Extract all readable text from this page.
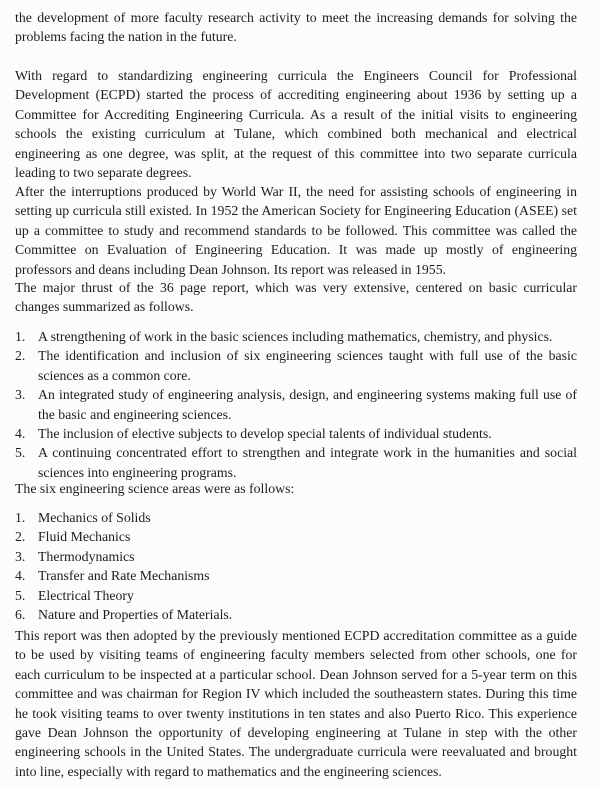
the development of more faculty research activity to meet the increasing demands for solving the problems facing the nation in the future.

With regard to standardizing engineering curricula the Engineers Council for Professional Development (ECPD) started the process of accrediting engineering about 1936 by setting up a Committee for Accrediting Engineering Curricula. As a result of the initial visits to engineering schools the existing curriculum at Tulane, which combined both mechanical and electrical engineering as one degree, was split, at the request of this committee into two separate curricula leading to two separate degrees.

After the interruptions produced by World War II, the need for assisting schools of engineering in setting up curricula still existed. In 1952 the American Society for Engineering Education (ASEE) set up a committee to study and recommend standards to be followed. This committee was called the Committee on Evaluation of Engineering Education. It was made up mostly of engineering professors and deans including Dean Johnson. Its report was released in 1955.

The major thrust of the 36 page report, which was very extensive, centered on basic curricular changes summarized as follows.

1. A strengthening of work in the basic sciences including mathematics, chemistry, and physics.
2. The identification and inclusion of six engineering sciences taught with full use of the basic sciences as a common core.
3. An integrated study of engineering analysis, design, and engineering systems making full use of the basic and engineering sciences.
4. The inclusion of elective subjects to develop special talents of individual students.
5. A continuing concentrated effort to strengthen and integrate work in the humanities and social sciences into engineering programs.

The six engineering science areas were as follows:

1. Mechanics of Solids
2. Fluid Mechanics
3. Thermodynamics
4. Transfer and Rate Mechanisms
5. Electrical Theory
6. Nature and Properties of Materials.

This report was then adopted by the previously mentioned ECPD accreditation committee as a guide to be used by visiting teams of engineering faculty members selected from other schools, one for each curriculum to be inspected at a particular school. Dean Johnson served for a 5-year term on this committee and was chairman for Region IV which included the southeastern states. During this time he took visiting teams to over twenty institutions in ten states and also Puerto Rico. This experience gave Dean Johnson the opportunity of developing engineering at Tulane in step with the other engineering schools in the United States. The undergraduate curricula were reevaluated and brought into line, especially with regard to mathematics and the engineering sciences.
